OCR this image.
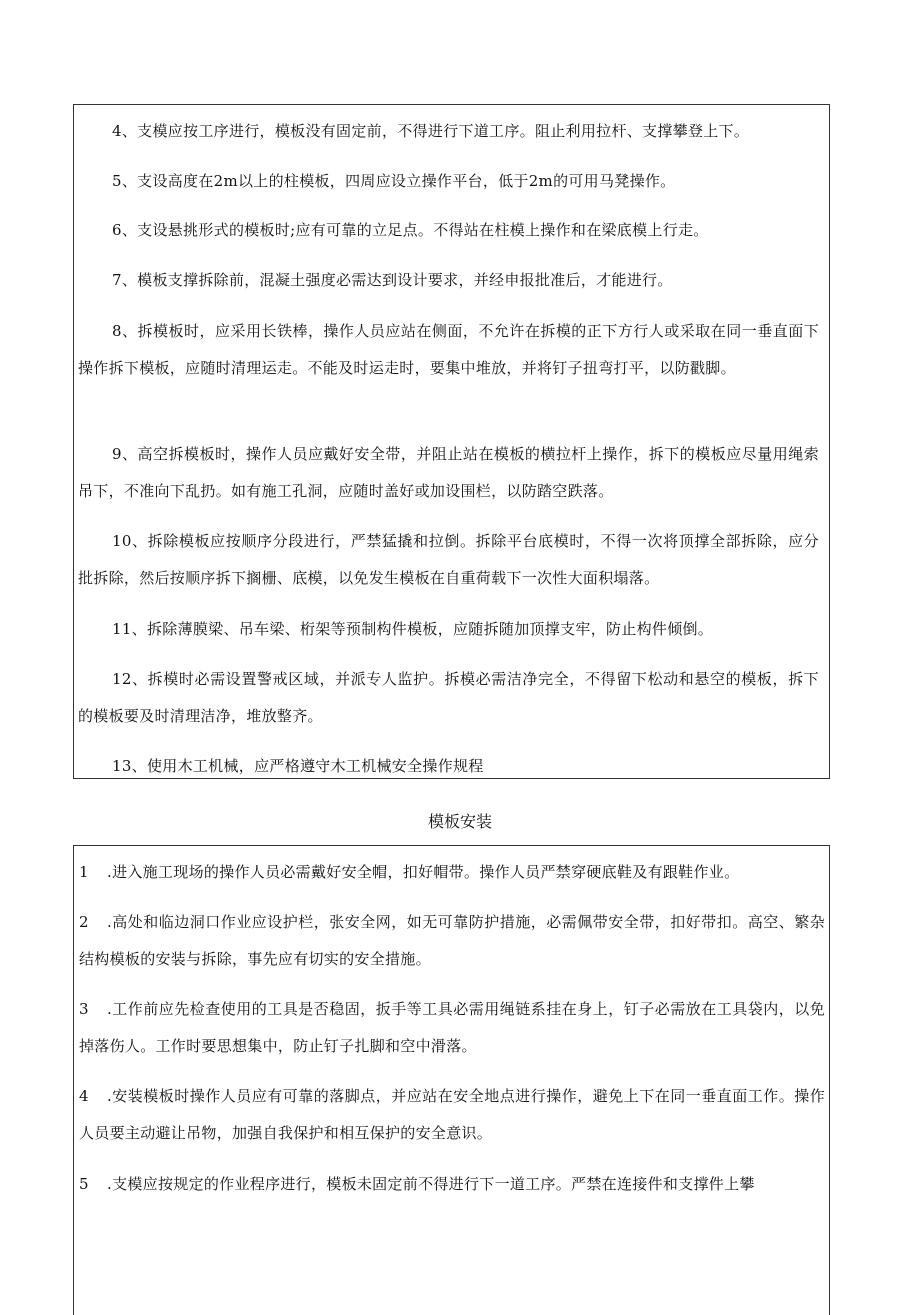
4、支模应按工序进行，模板没有固定前，不得进行下道工序。阻止利用拉杆、支撑攀登上下。

5、支设高度在2m以上的柱模板，四周应设立操作平台，低于2m的可用马凳操作。

6、支设悬挑形式的模板时;应有可靠的立足点。不得站在柱模上操作和在梁底模上行走。

7、模板支撑拆除前，混凝土强度必需达到设计要求，并经申报批准后，才能进行。

8、拆模板时，应采用长铁棒，操作人员应站在侧面，不允许在拆模的正下方行人或采取在同一垂直面下操作拆下模板，应随时清理运走。不能及时运走时，要集中堆放，并将钉子扭弯打平，以防戳脚。

9、高空拆模板时，操作人员应戴好安全带，并阻止站在模板的横拉杆上操作，拆下的模板应尽量用绳索吊下，不准向下乱扔。如有施工孔洞，应随时盖好或加设围栏，以防踏空跌落。

10、拆除模板应按顺序分段进行，严禁猛撬和拉倒。拆除平台底模时，不得一次将顶撑全部拆除，应分批拆除，然后按顺序拆下搁栅、底模，以免发生模板在自重荷载下一次性大面积塌落。

11、拆除薄膜梁、吊车梁、桁架等预制构件模板，应随拆随加顶撑支牢，防止构件倾倒。

12、拆模时必需设置警戒区域，并派专人监护。拆模必需洁净完全，不得留下松动和悬空的模板，拆下的模板要及时清理洁净，堆放整齐。

13、使用木工机械，应严格遵守木工机械安全操作规程

模板安装

1 .进入施工现场的操作人员必需戴好安全帽，扣好帽带。操作人员严禁穿硬底鞋及有跟鞋作业。

2 .高处和临边洞口作业应设护栏，张安全网，如无可靠防护措施，必需佩带安全带，扣好带扣。高空、繁杂结构模板的安装与拆除，事先应有切实的安全措施。

3 .工作前应先检查使用的工具是否稳固，扳手等工具必需用绳链系挂在身上，钉子必需放在工具袋内，以免掉落伤人。工作时要思想集中，防止钉子扎脚和空中滑落。

4 .安装模板时操作人员应有可靠的落脚点，并应站在安全地点进行操作，避免上下在同一垂直面工作。操作人员要主动避让吊物，加强自我保护和相互保护的安全意识。

5 .支模应按规定的作业程序进行，模板未固定前不得进行下一道工序。严禁在连接件和支撑件上攀
